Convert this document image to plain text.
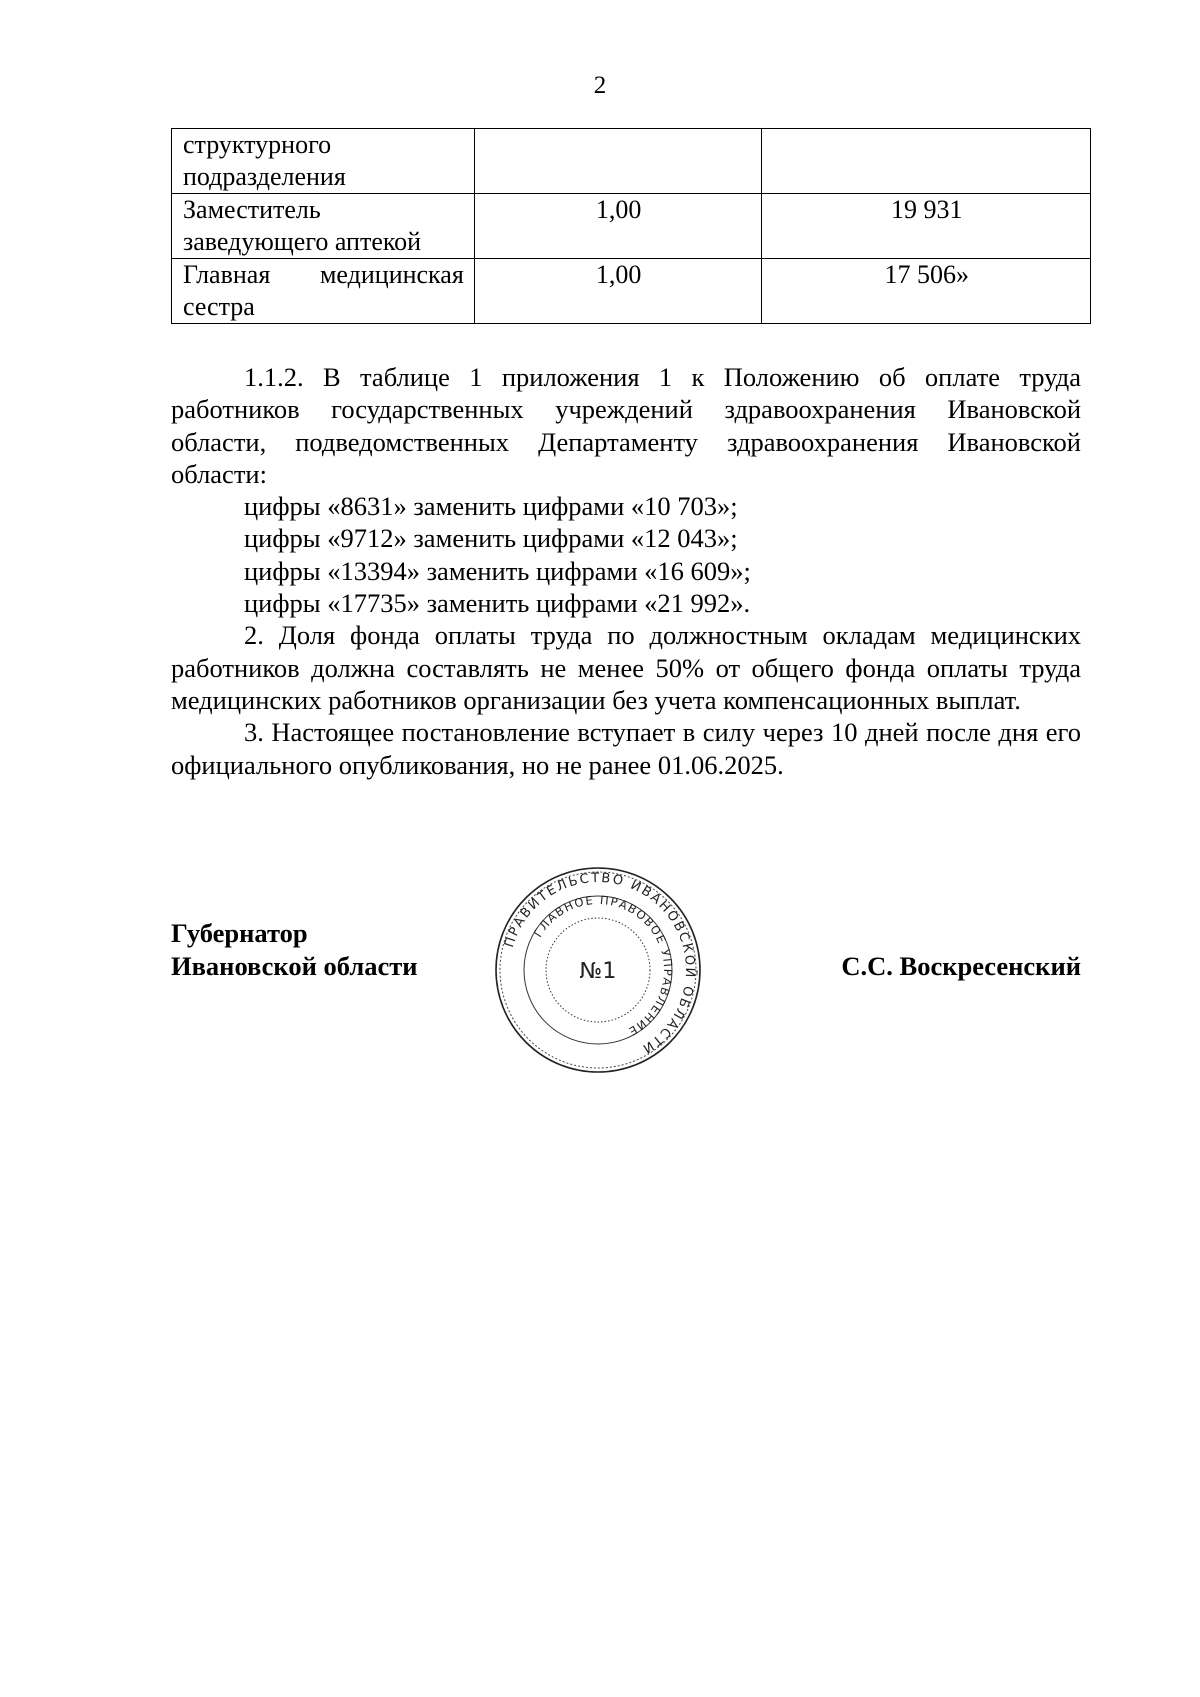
2
структурного
подразделения		

Заместитель
заведующего аптекой	1,00	19 931

Главная медицинская
сестра	1,00	17 506»

1.1.2. В таблице 1 приложения 1 к Положению об оплате труда работников государственных учреждений здравоохранения Ивановской области, подведомственных Департаменту здравоохранения Ивановской области:

цифры «8631» заменить цифрами «10 703»;

цифры «9712» заменить цифрами «12 043»;

цифры «13394» заменить цифрами «16 609»;

цифры «17735» заменить цифрами «21 992».

2. Доля фонда оплаты труда по должностным окладам медицинских работников должна составлять не менее 50% от общего фонда оплаты труда медицинских работников организации без учета компенсационных выплат.

3. Настоящее постановление вступает в силу через 10 дней после дня его официального опубликования, но не ранее 01.06.2025.

Губернатор
Ивановской области
ПРАВИТЕЛЬСТВО ИВАНОВСКОЙ ОБЛАСТИ
ГЛАВНОЕ ПРАВОВОЕ УПРАВЛЕНИЕ
№1	С.С. Воскресенский
